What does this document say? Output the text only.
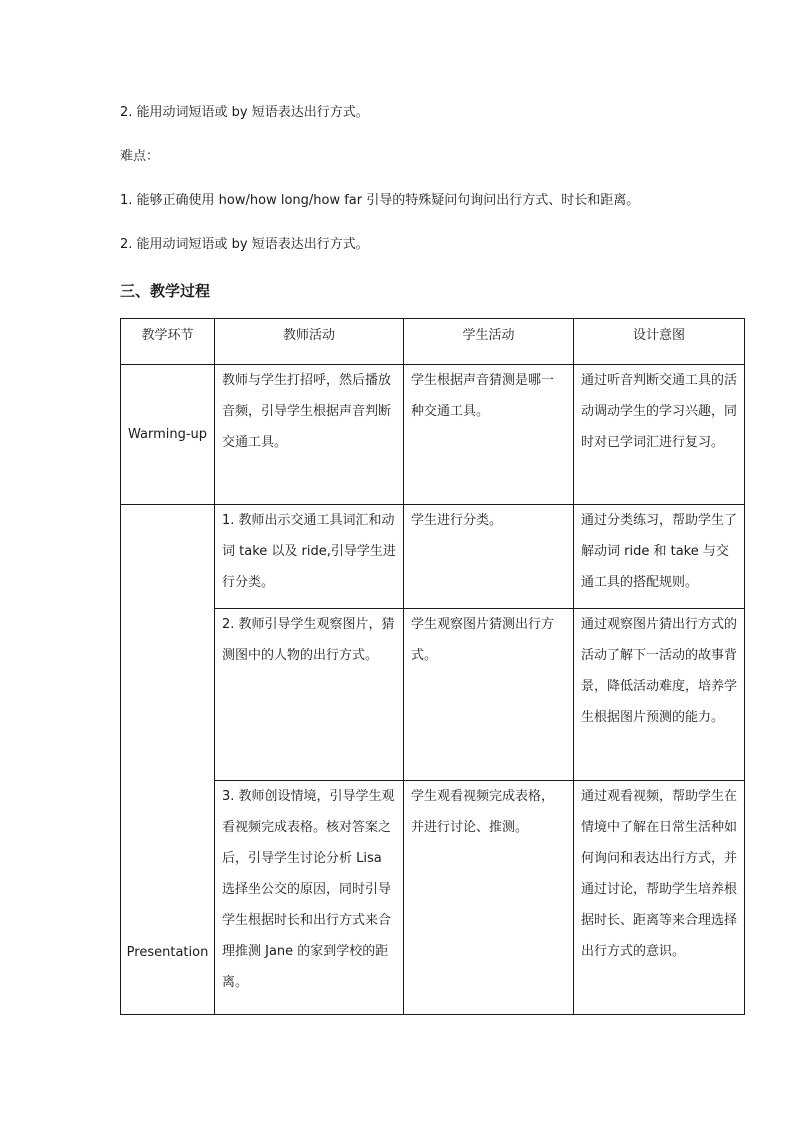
2. 能用动词短语或 by 短语表达出行方式。
难点：
1. 能够正确使用 how/how long/how far 引导的特殊疑问句询问出行方式、时长和距离。
2. 能用动词短语或 by 短语表达出行方式。
三、教学过程
教学环节	教师活动	学生活动	设计意图
Warming-up	教师与学生打招呼，然后播放音频，引导学生根据声音判断交通工具。	学生根据声音猜测是哪一种交通工具。	通过听音判断交通工具的活动调动学生的学习兴趣，同时对已学词汇进行复习。

Presentation	1. 教师出示交通工具词汇和动词 take 以及 ride,引导学生进行分类。	学生进行分类。	通过分类练习，帮助学生了解动词 ride 和 take 与交通工具的搭配规则。
	2. 教师引导学生观察图片，猜测图中的人物的出行方式。	学生观察图片猜测出行方式。	通过观察图片猜出行方式的活动了解下一活动的故事背景，降低活动难度，培养学生根据图片预测的能力。
	3. 教师创设情境，引导学生观看视频完成表格。核对答案之后，引导学生讨论分析 Lisa 选择坐公交的原因，同时引导学生根据时长和出行方式来合理推测 Jane 的家到学校的距离。	学生观看视频完成表格，并进行讨论、推测。	通过观看视频，帮助学生在情境中了解在日常生活种如何询问和表达出行方式，并通过讨论，帮助学生培养根据时长、距离等来合理选择出行方式的意识。
